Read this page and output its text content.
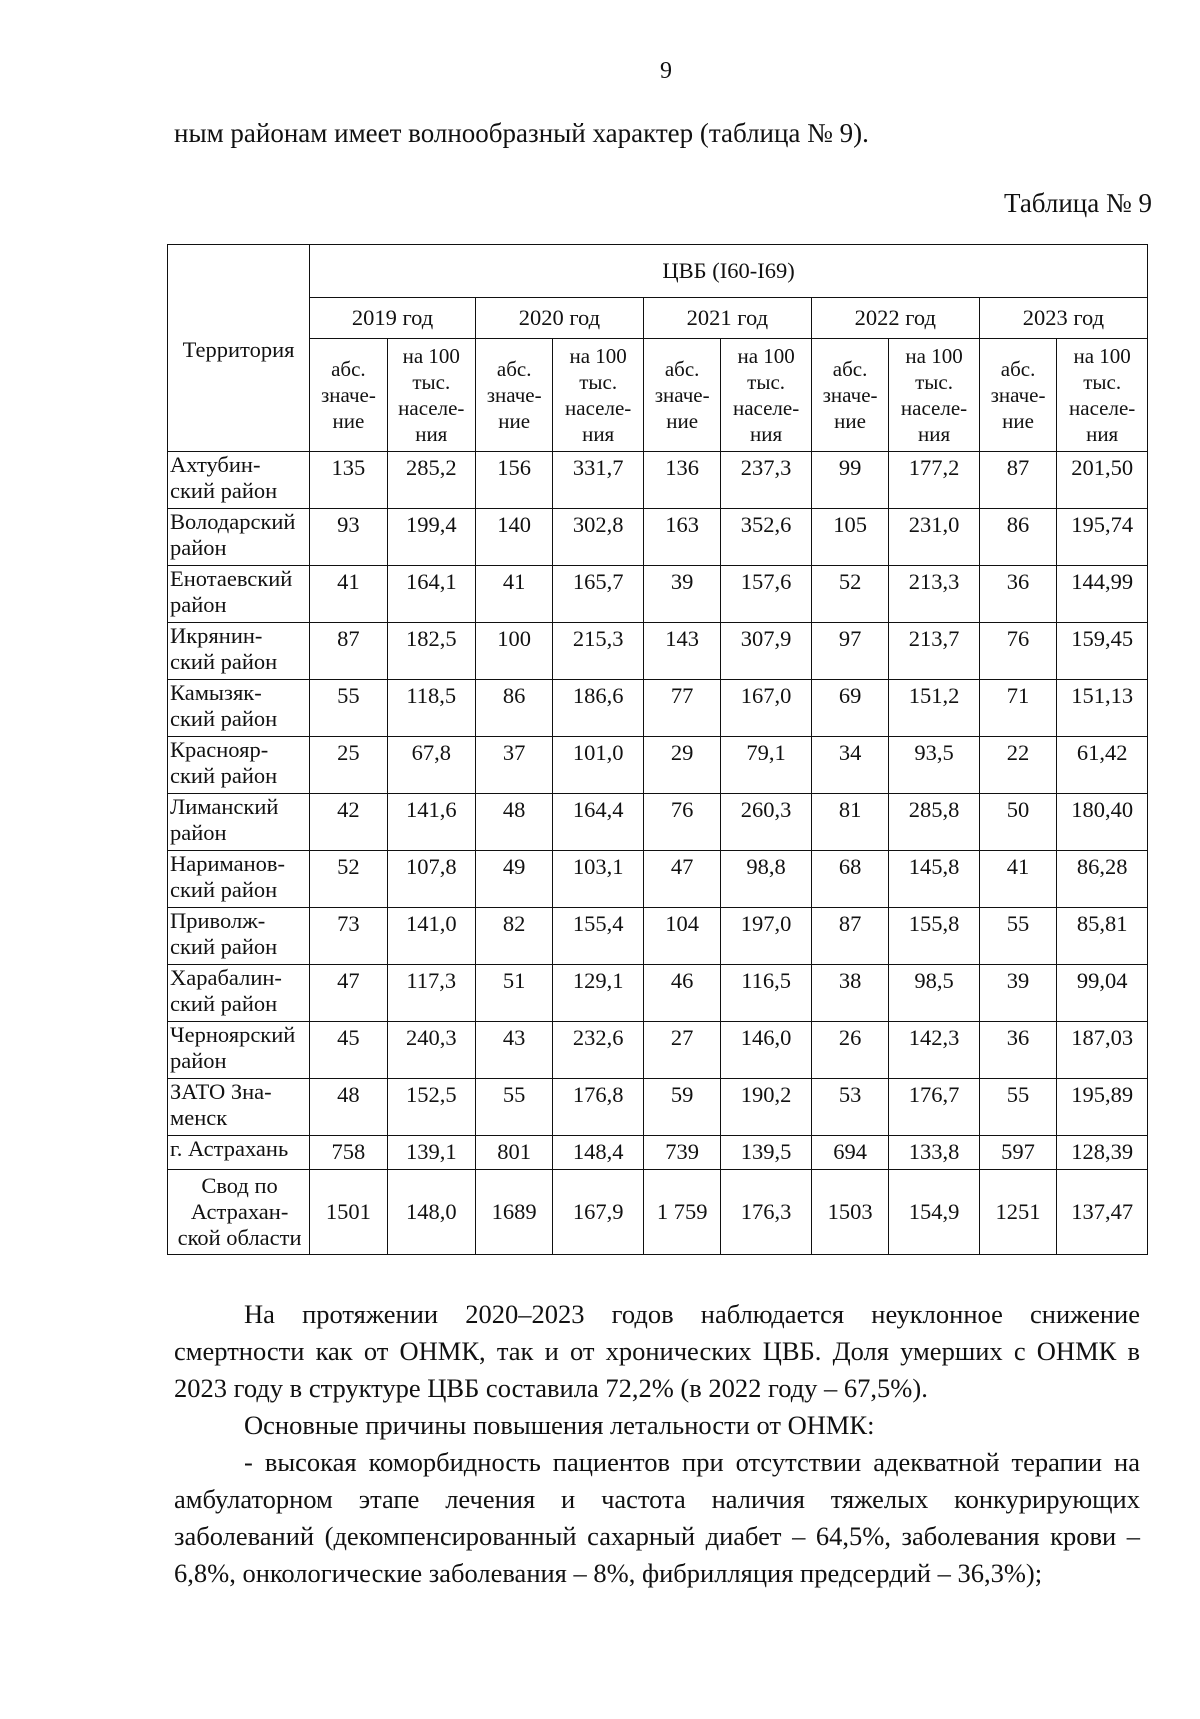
9
ным районам имеет волнообразный характер (таблица № 9).
Таблица № 9
Территория	ЦВБ (I60-I69)									
	2019 год		2020 год		2021 год		2022 год		2023 год	
	абс.
значе-
ние	на 100
тыс.
населе-
ния	абс.
значе-
ние	на 100
тыс.
населе-
ния	абс.
значе-
ние	на 100
тыс.
населе-
ния	абс.
значе-
ние	на 100
тыс.
населе-
ния	абс.
значе-
ние	на 100
тыс.
населе-
ния
Ахтубин-
ский район	135	285,2	156	331,7	136	237,3	99	177,2	87	201,50
Володарский
район	93	199,4	140	302,8	163	352,6	105	231,0	86	195,74
Енотаевский
район	41	164,1	41	165,7	39	157,6	52	213,3	36	144,99
Икрянин-
ский район	87	182,5	100	215,3	143	307,9	97	213,7	76	159,45
Камызяк-
ский район	55	118,5	86	186,6	77	167,0	69	151,2	71	151,13
Краснояр-
ский район	25	67,8	37	101,0	29	79,1	34	93,5	22	61,42
Лиманский
район	42	141,6	48	164,4	76	260,3	81	285,8	50	180,40
Нариманов-
ский район	52	107,8	49	103,1	47	98,8	68	145,8	41	86,28
Приволж-
ский район	73	141,0	82	155,4	104	197,0	87	155,8	55	85,81
Харабалин-
ский район	47	117,3	51	129,1	46	116,5	38	98,5	39	99,04
Черноярский
район	45	240,3	43	232,6	27	146,0	26	142,3	36	187,03
ЗАТО Зна-
менск	48	152,5	55	176,8	59	190,2	53	176,7	55	195,89
г. Астрахань	758	139,1	801	148,4	739	139,5	694	133,8	597	128,39
Свод по
Астрахан-
ской области	1501	148,0	1689	167,9	1 759	176,3	1503	154,9	1251	137,47

На протяжении 2020–2023 годов наблюдается неуклонное снижение смертности как от ОНМК, так и от хронических ЦВБ. Доля умерших с ОНМК в 2023 году в структуре ЦВБ составила 72,2% (в 2022 году – 67,5%).

Основные причины повышения летальности от ОНМК:

- высокая коморбидность пациентов при отсутствии адекватной терапии на амбулаторном этапе лечения и частота наличия тяжелых конкурирующих заболеваний (декомпенсированный сахарный диабет – 64,5%, заболевания крови – 6,8%, онкологические заболевания – 8%, фибрилляция предсердий – 36,3%);
